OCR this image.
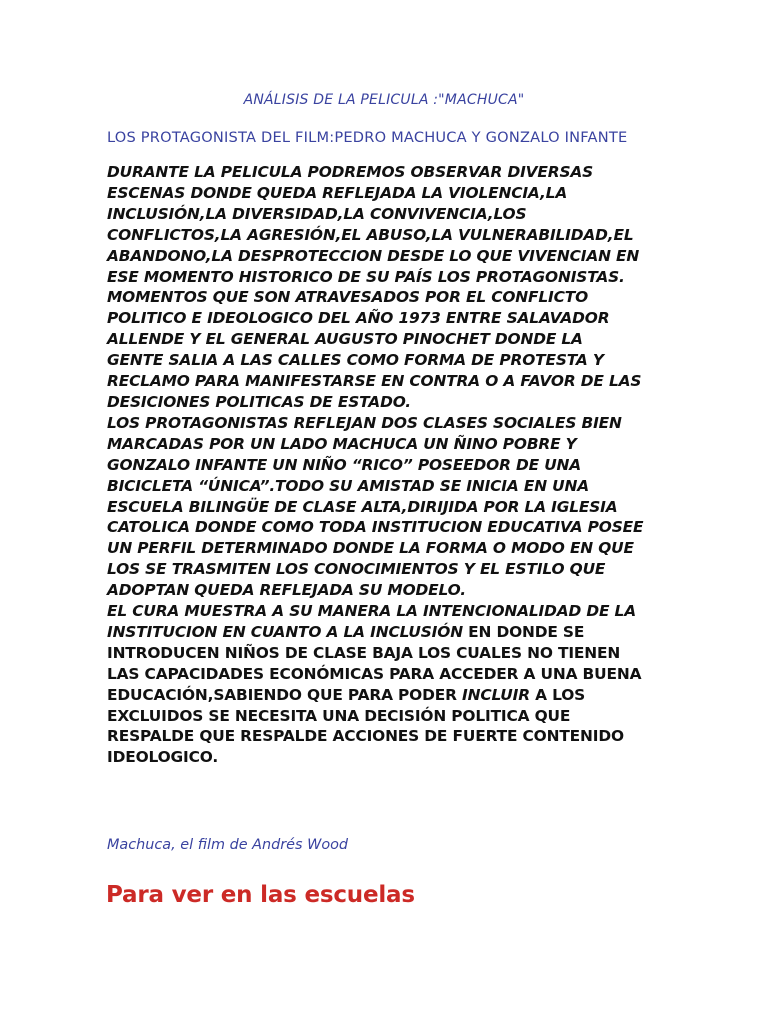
ANÁLISIS DE LA PELICULA :"MACHUCA"
LOS PROTAGONISTA DEL FILM:PEDRO MACHUCA Y GONZALO INFANTE
DURANTE LA PELICULA PODREMOS OBSERVAR DIVERSAS
ESCENAS DONDE QUEDA REFLEJADA LA VIOLENCIA,LA
INCLUSIÓN,LA DIVERSIDAD,LA CONVIVENCIA,LOS
CONFLICTOS,LA AGRESIÓN,EL ABUSO,LA VULNERABILIDAD,EL
ABANDONO,LA DESPROTECCION DESDE LO QUE VIVENCIAN EN
ESE MOMENTO HISTORICO DE SU PAÍS LOS PROTAGONISTAS.
MOMENTOS QUE SON ATRAVESADOS POR EL CONFLICTO
POLITICO E IDEOLOGICO DEL AÑO 1973 ENTRE SALAVADOR
ALLENDE Y EL GENERAL AUGUSTO PINOCHET DONDE LA
GENTE SALIA A LAS CALLES COMO FORMA DE PROTESTA Y
RECLAMO PARA MANIFESTARSE EN CONTRA O A FAVOR DE LAS
DESICIONES POLITICAS DE ESTADO.
LOS PROTAGONISTAS REFLEJAN DOS CLASES SOCIALES BIEN
MARCADAS POR UN LADO MACHUCA UN ÑINO POBRE Y
GONZALO INFANTE UN NIÑO “RICO” POSEEDOR DE UNA
BICICLETA “ÚNICA”.TODO SU AMISTAD SE INICIA EN UNA
ESCUELA BILINGÜE DE CLASE ALTA,DIRIJIDA POR LA IGLESIA
CATOLICA DONDE COMO TODA INSTITUCION EDUCATIVA POSEE
UN PERFIL DETERMINADO DONDE LA FORMA O MODO EN QUE
LOS SE TRASMITEN LOS CONOCIMIENTOS Y EL ESTILO QUE
ADOPTAN QUEDA REFLEJADA SU MODELO.
EL CURA MUESTRA A SU MANERA LA INTENCIONALIDAD DE LA
INSTITUCION EN CUANTO A LA INCLUSIÓN EN DONDE SE
INTRODUCEN NIÑOS DE CLASE BAJA LOS CUALES NO TIENEN
LAS CAPACIDADES ECONÓMICAS PARA ACCEDER A UNA BUENA
EDUCACIÓN,SABIENDO QUE PARA PODER INCLUIR A LOS
EXCLUIDOS SE NECESITA UNA DECISIÓN POLITICA QUE
RESPALDE QUE RESPALDE ACCIONES DE FUERTE CONTENIDO
IDEOLOGICO.
Machuca, el film de Andrés Wood
Para ver en las escuelas
